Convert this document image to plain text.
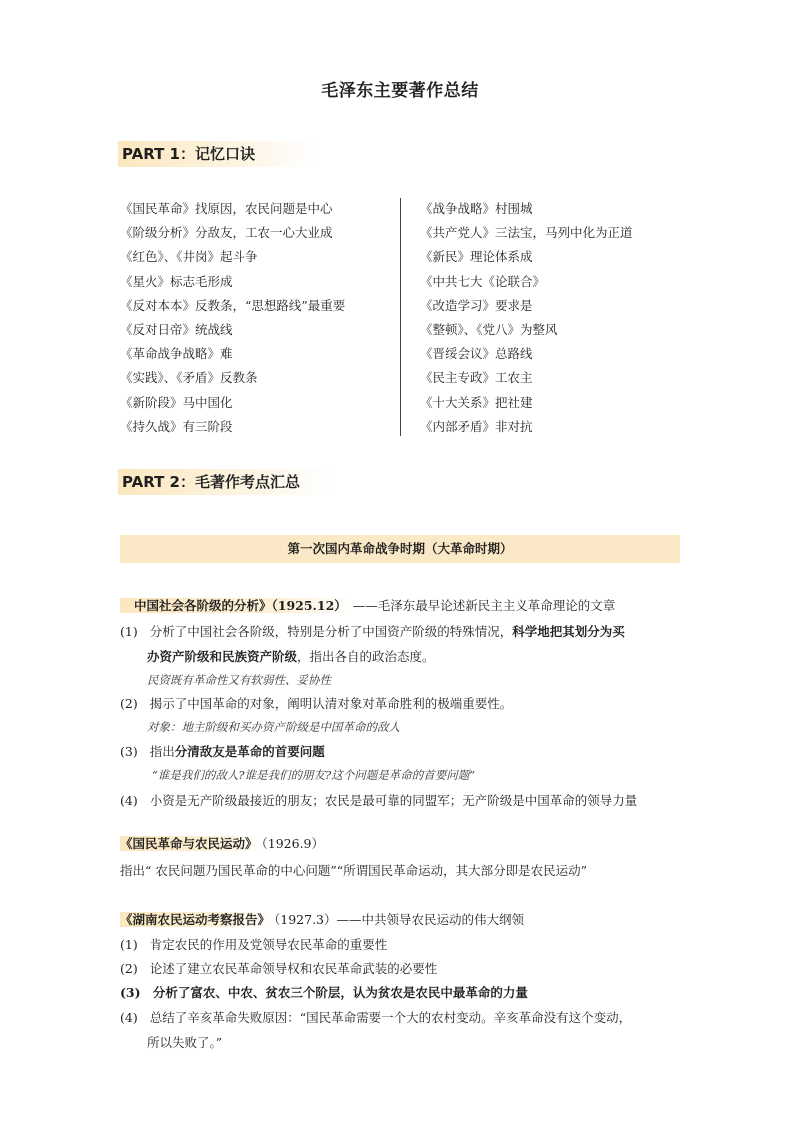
毛泽东主要著作总结
PART 1：记忆口诀
《国民革命》找原因，农民问题是中心
《阶级分析》分敌友，工农一心大业成
《红色》、《井岗》起斗争
《星火》标志毛形成
《反对本本》反教条，“思想路线”最重要
《反对日帝》统战线
《革命战争战略》难
《实践》、《矛盾》反教条
《新阶段》马中国化
《持久战》有三阶段
《战争战略》村围城
《共产党人》三法宝，马列中化为正道
《新民》理论体系成
《中共七大《论联合》
《改造学习》要求是
《整顿》、《党八》为整风
《晋绥会议》总路线
《民主专政》工农主
《十大关系》把社建
《内部矛盾》非对抗
PART 2：毛著作考点汇总
第一次国内革命战争时期（大革命时期）
中国社会各阶级的分析》（1925.12） ——毛泽东最早论述新民主主义革命理论的文章
(1) 分析了中国社会各阶级，特别是分析了中国资产阶级的特殊情况，科学地把其划分为买
办资产阶级和民族资产阶级，指出各自的政治态度。
民资既有革命性又有软弱性、妥协性
(2) 揭示了中国革命的对象，阐明认清对象对革命胜利的极端重要性。
对象：地主阶级和买办资产阶级是中国革命的敌人
(3) 指出分清敌友是革命的首要问题
“谁是我们的敌人?谁是我们的朋友?这个问题是革命的首要问题”
(4) 小资是无产阶级最接近的朋友；农民是最可靠的同盟军；无产阶级是中国革命的领导力量
《国民革命与农民运动》 （1926.9）
指出“ 农民问题乃国民革命的中心问题”“所谓国民革命运动，其大部分即是农民运动”
《湖南农民运动考察报告》 （1927.3）——中共领导农民运动的伟大纲领
(1) 肯定农民的作用及党领导农民革命的重要性
(2) 论述了建立农民革命领导权和农民革命武装的必要性
(3) 分析了富农、中农、贫农三个阶层，认为贫农是农民中最革命的力量
(4) 总结了辛亥革命失败原因：“国民革命需要一个大的农村变动。辛亥革命没有这个变动，
所以失败了。”
